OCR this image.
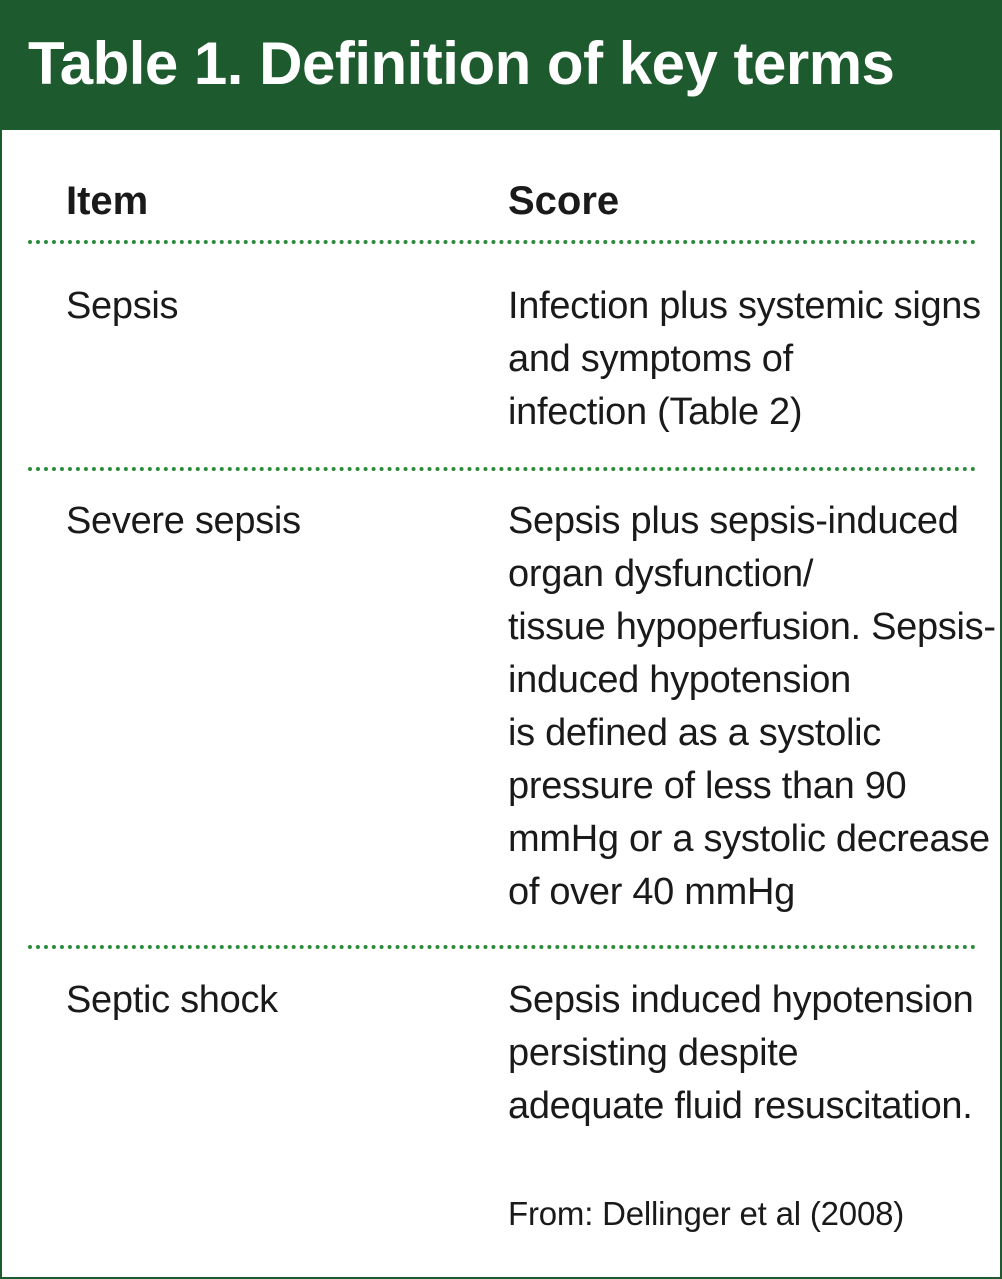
Table 1. Definition of key terms
Item	Score
Sepsis	Infection plus systemic signs
and symptoms of
infection (Table 2)
Severe sepsis	Sepsis plus sepsis-induced
organ dysfunction/
tissue hypoperfusion. Sepsis-
induced hypotension
is defined as a systolic
pressure of less than 90
mmHg or a systolic decrease
of over 40 mmHg
Septic shock	Sepsis induced hypotension
persisting despite
adequate fluid resuscitation.
From: Dellinger et al (2008)
